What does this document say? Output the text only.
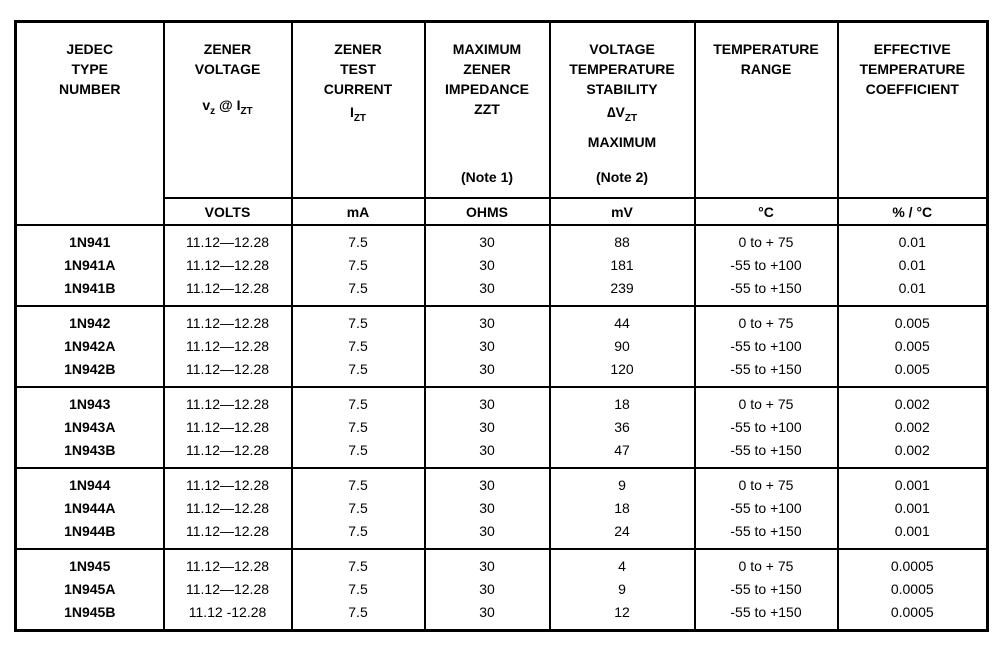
JEDEC
TYPE
NUMBER

ZENER
VOLTAGE
$v_z$ @ $I_{ZT}$

ZENER
TEST
CURRENT
$I_{ZT}$

MAXIMUM
ZENER
IMPEDANCE
ZZT
(Note 1)

VOLTAGE
TEMPERATURE
STABILITY
$\Delta V_{ZT}$
MAXIMUM
(Note 2)

TEMPERATURE
RANGE

EFFECTIVE
TEMPERATURE
COEFFICIENT

	VOLTS	mA	OHMS	mV	°C	% / °C
1N941	11.12—12.28	7.5	30	88	0 to + 75	0.01
1N941A	11.12—12.28	7.5	30	181	-55 to +100	0.01
1N941B	11.12—12.28	7.5	30	239	-55 to +150	0.01
1N942	11.12—12.28	7.5	30	44	0 to + 75	0.005
1N942A	11.12—12.28	7.5	30	90	-55 to +100	0.005
1N942B	11.12—12.28	7.5	30	120	-55 to +150	0.005
1N943	11.12—12.28	7.5	30	18	0 to + 75	0.002
1N943A	11.12—12.28	7.5	30	36	-55 to +100	0.002
1N943B	11.12—12.28	7.5	30	47	-55 to +150	0.002
1N944	11.12—12.28	7.5	30	9	0 to + 75	0.001
1N944A	11.12—12.28	7.5	30	18	-55 to +100	0.001
1N944B	11.12—12.28	7.5	30	24	-55 to +150	0.001
1N945	11.12—12.28	7.5	30	4	0 to + 75	0.0005
1N945A	11.12—12.28	7.5	30	9	-55 to +150	0.0005
1N945B	11.12 -12.28	7.5	30	12	-55 to +150	0.0005
